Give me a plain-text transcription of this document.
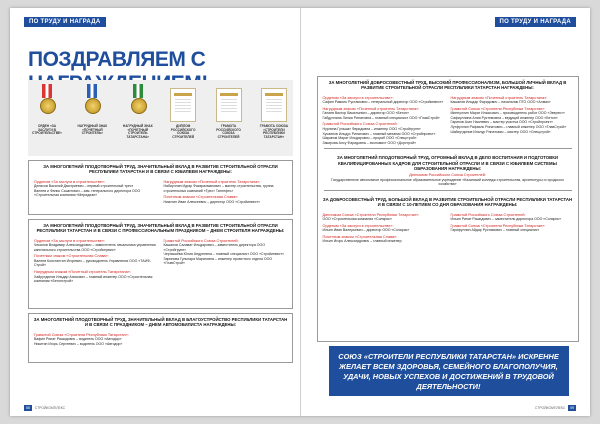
ПО ТРУДУ И НАГРАДА
ПОЗДРАВЛЯЕМ С
ОРДЕН «ЗА ЗАСЛУГИ В СТРОИТЕЛЬСТВЕ»
НАГРУДНЫЙ ЗНАК «ПОЧЕТНЫЙ СТРОИТЕЛЬ»
НАГРУДНЫЙ ЗНАК «ПОЧЕТНЫЙ СТРОИТЕЛЬ ТАТАРСТАНА»
ДИПЛОМ РОССИЙСКОГО СОЮЗА СТРОИТЕЛЕЙ
ГРАМОТА РОССИЙСКОГО СОЮЗА СТРОИТЕЛЕЙ
ГРАМОТА СОЮЗА «СТРОИТЕЛИ РЕСПУБЛИКИ ТАТАРСТАН»
ЗА МНОГОЛЕТНИЙ ПЛОДОТВОРНЫЙ ТРУД, ЗНАЧИТЕЛЬНЫЙ ВКЛАД В РАЗВИТИЕ СТРОИТЕЛЬНОЙ ОТРАСЛИ РЕСПУБЛИКИ ТАТАРСТАН И В СВЯЗИ С ЮБИЛЕЕМ НАГРАЖДЕНЫ:
Орденом «За заслуги в строительстве»:
Денисов Василий Дмитриевич – первый строительный трест
Валеев и Фанис Сашитович – зам. генерального директора ООО «Строительная компания «Меридиан»
Нагрудным знаком «Почетный строитель Татарстана»:
Набиуллин Идгар Фаизрахманович – мастер строительства, группа строительных компаний «Трест Татнефть»
Почетным знаком «Строительная Слава»:
Никитин Иван Алексеевич – директор ООО «Стройинвест»
ЗА МНОГОЛЕТНИЙ ПЛОДОТВОРНЫЙ ТРУД, ЗНАЧИТЕЛЬНЫЙ ВКЛАД В РАЗВИТИЕ СТРОИТЕЛЬНОЙ ОТРАСЛИ РЕСПУБЛИКИ ТАТАРСТАН И В СВЯЗИ С ПРОФЕССИОНАЛЬНЫМ ПРАЗДНИКОМ – ДНЕМ СТРОИТЕЛЯ НАГРАЖДЕНЫ:
Орденом «За заслуги в строительстве»:
Чекалов Владимир Александрович – заместитель начальника управления капитального строительства ООО «Стройсервис»
Почетным знаком «Строительная Слава»:
Валеев Константин Игоревич – руководитель Управления ООО «ТАИФ-Строй»
Нагрудным знаком «Почетный строитель Татарстана»:
Хайрутдинов Ильдар Анисович – главный инженер ООО «Строительная компания «Бетонстрой»
Грамотой Российского Союза Строителей:
Кашапов Салават Ильдарович – заместитель директора ООО «Стройгрупп»
Чернышёва Юлия Андреевна – главный специалист ООО «Стройинвест»
Зарипова Гульнара Маратовна – инженер проектного отдела ООО «ГлавСтрой»
ЗА МНОГОЛЕТНИЙ ПЛОДОТВОРНЫЙ ТРУД, ЗНАЧИТЕЛЬНЫЙ ВКЛАД В БЛАГОУСТРОЙСТВО РЕСПУБЛИКИ ТАТАРСТАН И В СВЯЗИ С ПРАЗДНИКОМ – ДНЕМ АВТОМОБИЛИСТА НАГРАЖДЕНЫ:
Грамотой Союза «Строители Республики Татарстан»:
Вафин Ринат Рашидович – водитель ООО «Автодор»
Никитин Игорь Сергеевич – водитель ООО «Автодор»
58 СТРОЙКОМПЛЕКС
ПО ТРУДУ И НАГРАДА
ЗА МНОГОЛЕТНИЙ ДОБРОСОВЕСТНЫЙ ТРУД, ВЫСОКИЙ ПРОФЕССИОНАЛИЗМ, БОЛЬШОЙ ЛИЧНЫЙ ВКЛАД В РАЗВИТИЕ СТРОИТЕЛЬНОЙ ОТРАСЛИ РЕСПУБЛИКИ ТАТАРСТАН НАГРАЖДЕНЫ:
Орденом «За заслуги в строительстве»:
Сафин Рамиль Рустамович – генеральный директор ООО «Стройинвест»
Нагрудным знаком «Почетный строитель Татарстана»:
Галиев Виктор Васильевич – директор ООО «Бетон»
Габдуллина Лилия Ринатовна – главный специалист ООО «ГлавСтрой»
Грамотой Российского Союза Строителей:
Нурлина Гульшат Фаридовна – инженер ООО «Стройгрупп»
Хусаинов Ильдус Ринатович – главный механик ООО «Стройпроект»
Шарипов Марат Ильдарович – прораб ООО «Спецстрой»
Закирова Алсу Фаридовна – экономист ООО «Дорстрой»
Нагрудным знаком «Почетный строитель Татарстана»:
Кашапов Ильдар Фаридович – начальник ПТО ООО «Алмаз»
Грамотой Союза «Строители Республики Татарстан»:
Миннуллин Марат Ильясович – производитель работ ООО «Эверест»
Сафиуллина Алия Рустемовна – ведущий инженер ООО «Бетон»
Гарипов Азат Наилевич – мастер участка ООО «Стройпроект»
Лутфуллин Рафаэль Ринатович – главный инженер ООО «ГлавСтрой»
Шайхутдинов Ильнур Ринатович – мастер ООО «Спецстрой»
ЗА МНОГОЛЕТНИЙ ПЛОДОТВОРНЫЙ ТРУД, ОГРОМНЫЙ ВКЛАД В ДЕЛО ВОСПИТАНИЯ И ПОДГОТОВКИ КВАЛИФИЦИРОВАННЫХ КАДРОВ ДЛЯ СТРОИТЕЛЬНОЙ ОТРАСЛИ И В СВЯЗИ С ЮБИЛЕЕМ СИСТЕМЫ ОБРАЗОВАНИЯ НАГРАЖДЕНЫ:
Дипломом Российского Союза Строителей:
Государственное автономное профессиональное образовательное учреждение «Казанский колледж строительства, архитектуры и городского хозяйства»
ЗА ДОБРОСОВЕСТНЫЙ ТРУД, БОЛЬШОЙ ВКЛАД В РАЗВИТИЕ СТРОИТЕЛЬНОЙ ОТРАСЛИ РЕСПУБЛИКИ ТАТАРСТАН И В СВЯЗИ С 10-ЛЕТИЕМ СО ДНЯ ОБРАЗОВАНИЯ НАГРАЖДЕНЫ:
Дипломом Союза «Строители Республики Татарстан»:
ООО «Строительная компания «Солярис»
Орденом «За заслуги в строительстве»:
Ильин Иван Валерьевич – директор ООО «Солярис»
Почетным знаком «Строительная Слава»:
Ильин Игорь Александрович – главный инженер
Грамотой Российского Союза Строителей:
Ильин Ринат Рашидович – заместитель директора ООО «Солярис»
Грамотой Союза «Строители Республики Татарстан»:
Гарифуллин Айдар Рустамович – главный специалист
СОЮЗ «СТРОИТЕЛИ РЕСПУБЛИКИ ТАТАРСТАН» ИСКРЕННЕ ЖЕЛАЕТ ВСЕМ ЗДОРОВЬЯ, СЕМЕЙНОГО БЛАГОПОЛУЧИЯ, УДАЧИ, НОВЫХ УСПЕХОВ И ДОСТИЖЕНИЙ В ТРУДОВОЙ ДЕЯТЕЛЬНОСТИ!
СТРОЙКОМПЛЕКС 59
